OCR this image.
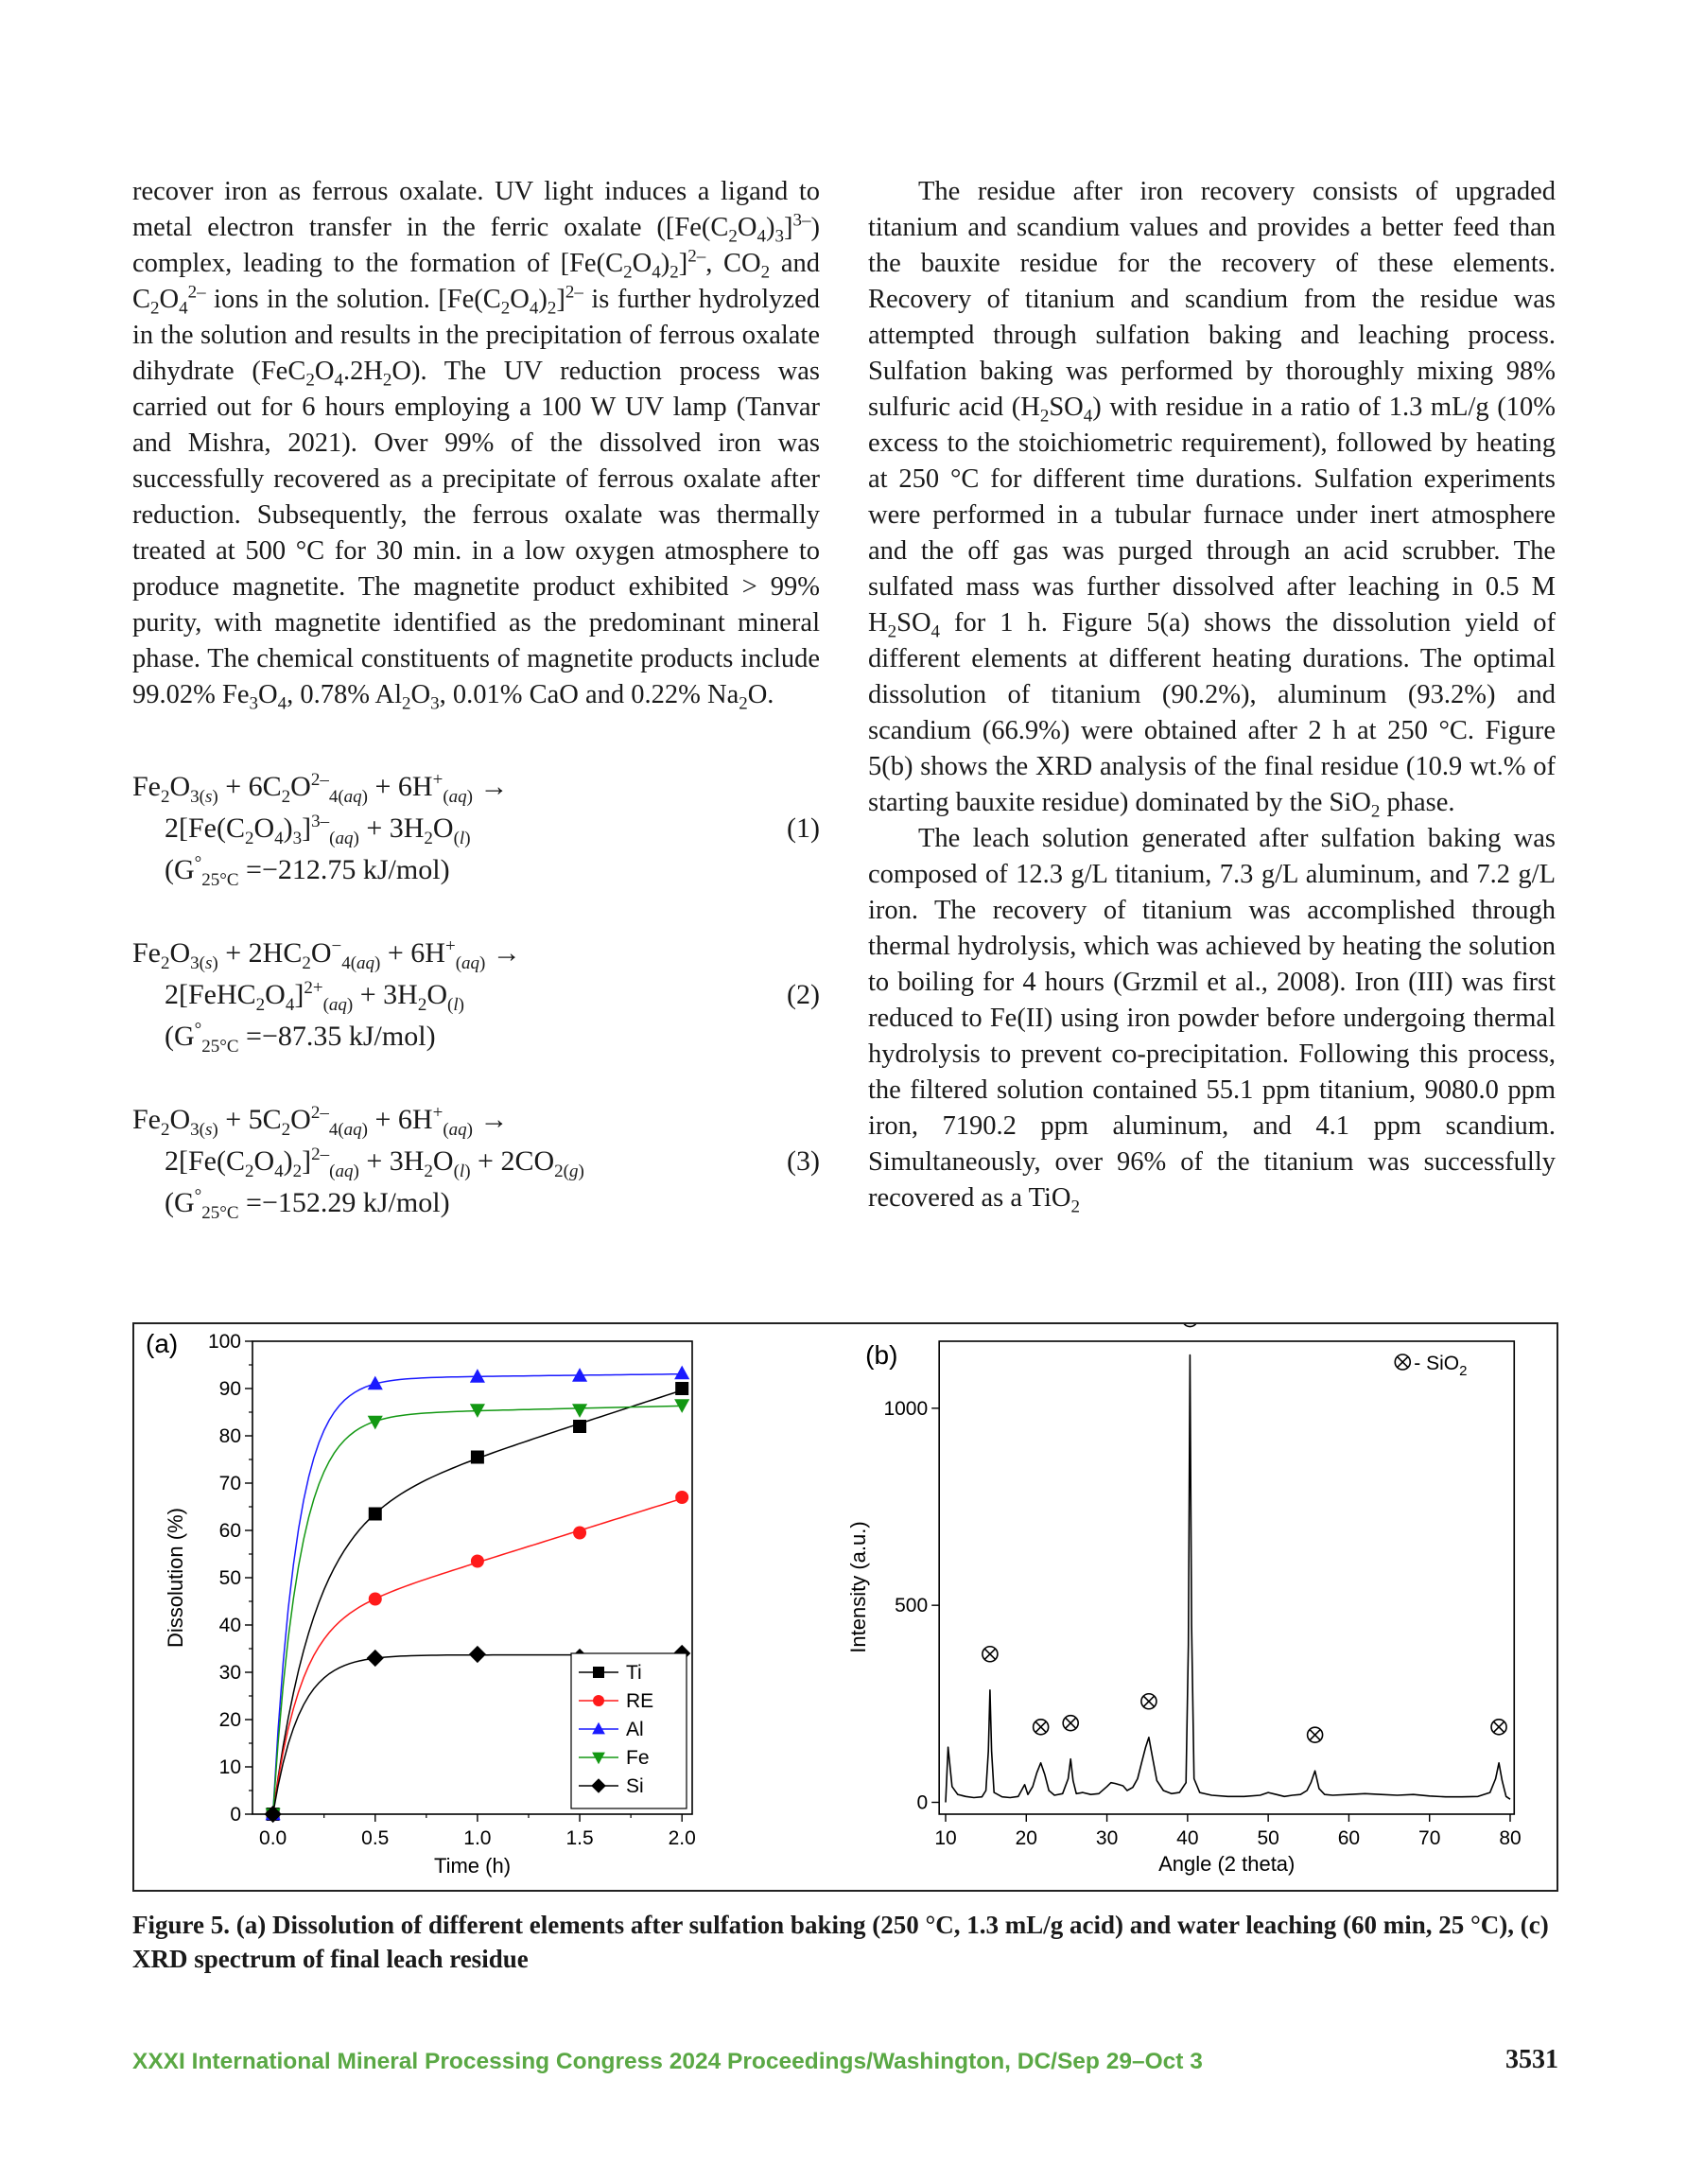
recover iron as ferrous oxalate. UV light induces a ligand to metal electron transfer in the ferric oxalate $([Fe(C_2O_4)_3]^{3-})$ complex, leading to the formation of $[Fe(C_2O_4)_2]^{2-}$, $CO_2$ and $C_2O_4^{2-}$ ions in the solution. $[Fe(C_2O_4)_2]^{2-}$ is further hydrolyzed in the solution and results in the precipitation of ferrous oxalate dihydrate $(FeC_2O_4.2H_2O)$. The UV reduction process was carried out for 6 hours employing a 100 W UV lamp (Tanvar and Mishra, 2021). Over 99% of the dissolved iron was successfully recovered as a precipitate of ferrous oxalate after reduction. Subsequently, the ferrous oxalate was thermally treated at 500 °C for 30 min. in a low oxygen atmosphere to produce magnetite. The magnetite product exhibited > 99% purity, with magnetite identified as the predominant mineral phase. The chemical constituents of magnetite products include 99.02% $Fe_3O_4$, 0.78% $Al_2O_3$, 0.01% CaO and 0.22% $Na_2O$.

$Fe_2O_{3(s)} + 6C_2O^{2-}_{4(aq)} + 6H^+_{(aq)}$ →
$2[Fe(C_2O_4)_3]^{3-}_{(aq)} + 3H_2O_{(l)}$	(1)
($G^\circ_{25^\circ C} =-212.75$ kJ/mol)
$Fe_2O_{3(s)} + 2HC_2O^-_{4(aq)} + 6H^+_{(aq)}$ →
$2[FeHC_2O_4]^{2+}_{(aq)} + 3H_2O_{(l)}$	(2)
($G^\circ_{25^\circ C} =-87.35$ kJ/mol)
$Fe_2O_{3(s)} + 5C_2O^{2-}_{4(aq)} + 6H^+_{(aq)}$ →
$2[Fe(C_2O_4)_2]^{2-}_{(aq)} + 3H_2O_{(l)} + 2CO_{2(g)}$	(3)
($G^\circ_{25^\circ C} =-152.29$ kJ/mol)

The residue after iron recovery consists of upgraded titanium and scandium values and provides a better feed than the bauxite residue for the recovery of these elements. Recovery of titanium and scandium from the residue was attempted through sulfation baking and leaching process. Sulfation baking was performed by thoroughly mixing 98% sulfuric acid $(H_2SO_4)$ with residue in a ratio of 1.3 mL/g (10% excess to the stoichiometric requirement), followed by heating at 250 °C for different time durations. Sulfation experiments were performed in a tubular furnace under inert atmosphere and the off gas was purged through an acid scrubber. The sulfated mass was further dissolved after leaching in 0.5 M $H_2SO_4$ for 1 h. Figure 5(a) shows the dissolution yield of different elements at different heating durations. The optimal dissolution of titanium (90.2%), aluminum (93.2%) and scandium (66.9%) were obtained after 2 h at 250 °C. Figure 5(b) shows the XRD analysis of the final residue (10.9 wt.% of starting bauxite residue) dominated by the SiO$_2$ phase.

The leach solution generated after sulfation baking was composed of 12.3 g/L titanium, 7.3 g/L aluminum, and 7.2 g/L iron. The recovery of titanium was accomplished through thermal hydrolysis, which was achieved by heating the solution to boiling for 4 hours (Grzmil et al., 2008). Iron (III) was first reduced to Fe(II) using iron powder before undergoing thermal hydrolysis to prevent co-precipitation. Following this process, the filtered solution contained 55.1 ppm titanium, 9080.0 ppm iron, 7190.2 ppm aluminum, and 4.1 ppm scandium. Simultaneously, over 96% of the titanium was successfully recovered as a TiO$_2$

(a)
0
10
20
30
40
50
60
70
80
90
100
0.0	0.5	1.0	1.5	2.0
Time (h)
Dissolution (%)
Ti
RE
Al
Fe
Si
(b)
0
500
1000
10	20	30	40	50	60	70	80
Angle (2 theta)
Intensity (a.u.)
- SiO$_2$
Figure 5. (a) Dissolution of different elements after sulfation baking (250 °C, 1.3 mL/g acid) and water leaching (60 min, 25 °C), (c) XRD spectrum of final leach residue
XXXI International Mineral Processing Congress 2024 Proceedings/Washington, DC/Sep 29–Oct 3	3531
